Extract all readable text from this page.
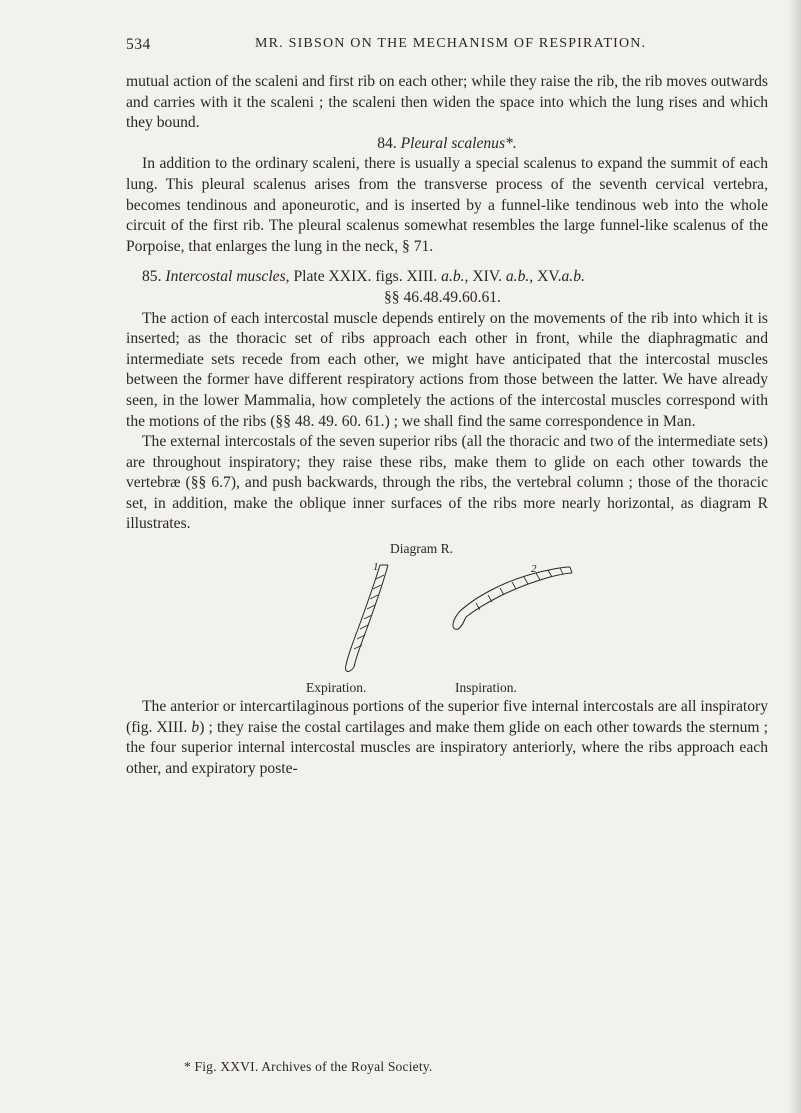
534	MR. SIBSON ON THE MECHANISM OF RESPIRATION.

mutual action of the scaleni and first rib on each other; while they raise the rib, the rib moves outwards and carries with it the scaleni ; the scaleni then widen the space into which the lung rises and which they bound.

84. Pleural scalenus*.

In addition to the ordinary scaleni, there is usually a special scalenus to expand the summit of each lung. This pleural scalenus arises from the transverse process of the seventh cervical vertebra, becomes tendinous and aponeurotic, and is inserted by a funnel-like tendinous web into the whole circuit of the first rib. The pleural scalenus somewhat resembles the large funnel-like scalenus of the Porpoise, that enlarges the lung in the neck, § 71.

85. Intercostal muscles, Plate XXIX. figs. XIII. a.b., XIV. a.b., XV.a.b.

§§ 46.48.49.60.61.

The action of each intercostal muscle depends entirely on the movements of the rib into which it is inserted; as the thoracic set of ribs approach each other in front, while the diaphragmatic and intermediate sets recede from each other, we might have anticipated that the intercostal muscles between the former have different respiratory actions from those between the latter. We have already seen, in the lower Mammalia, how completely the actions of the intercostal muscles correspond with the motions of the ribs (§§ 48. 49. 60. 61.) ; we shall find the same correspondence in Man.

The external intercostals of the seven superior ribs (all the thoracic and two of the intermediate sets) are throughout inspiratory; they raise these ribs, make them to glide on each other towards the vertebræ (§§ 6.7), and push backwards, through the ribs, the vertebral column ; those of the thoracic set, in addition, make the oblique inner surfaces of the ribs more nearly horizontal, as diagram R illustrates.

Diagram R.
1	2
Expiration.	Inspiration.

The anterior or intercartilaginous portions of the superior five internal intercostals are all inspiratory (fig. XIII. b) ; they raise the costal cartilages and make them glide on each other towards the sternum ; the four superior internal intercostal muscles are inspiratory anteriorly, where the ribs approach each other, and expiratory poste-

* Fig. XXVI. Archives of the Royal Society.
